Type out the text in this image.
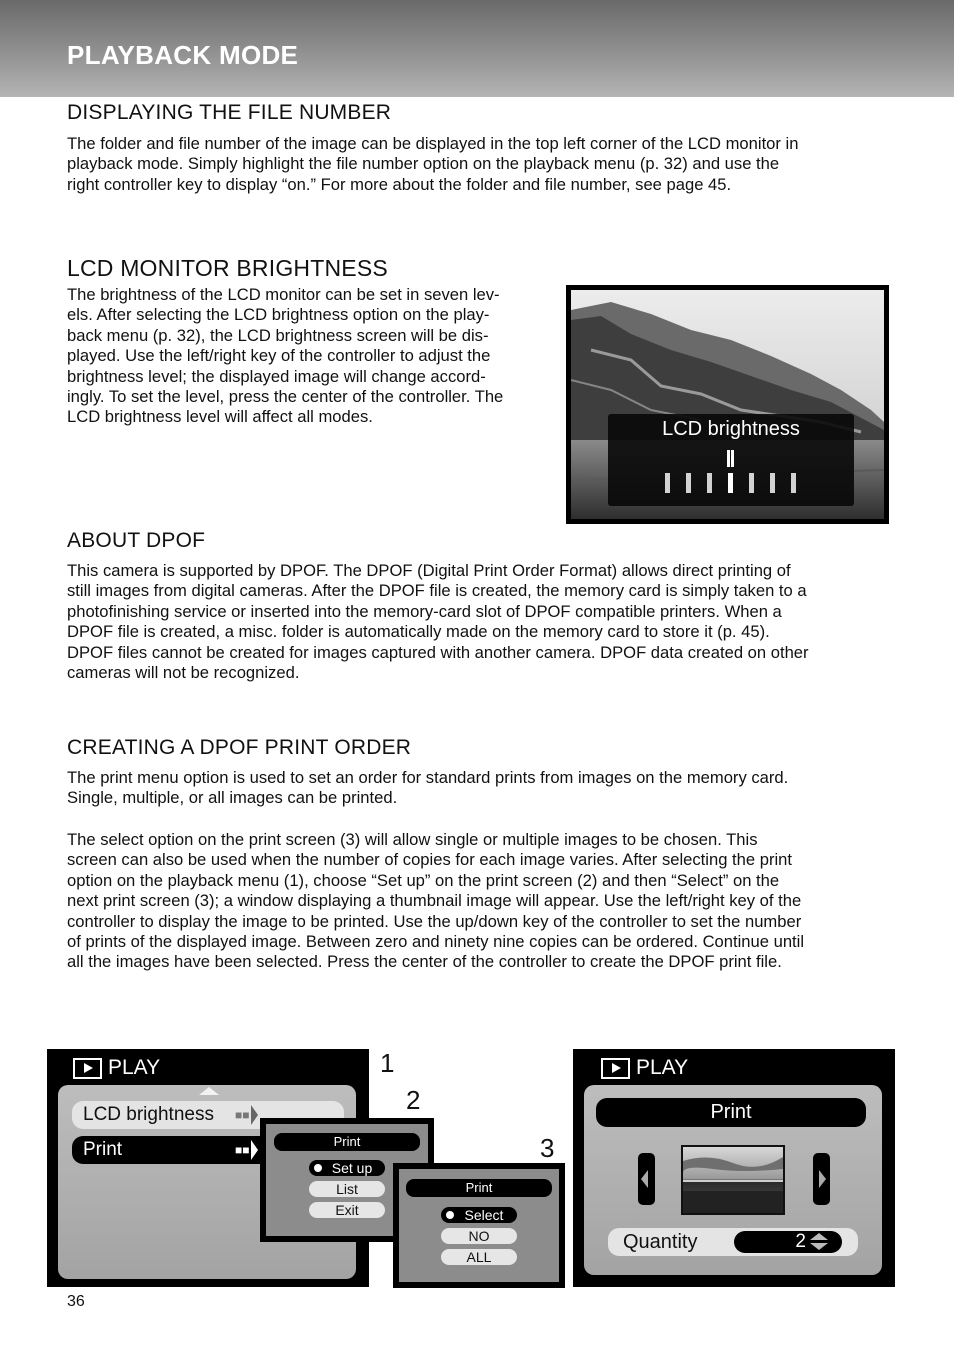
PLAYBACK MODE
DISPLAYING THE FILE NUMBER

The folder and file number of the image can be displayed in the top left corner of the LCD monitor in

playback mode. Simply highlight the file number option on the playback menu (p. 32) and use the

right controller key to display “on.” For more about the folder and file number, see page 45.

LCD MONITOR BRIGHTNESS

The brightness of the LCD monitor can be set in seven lev-

els. After selecting the LCD brightness option on the play-

back menu (p. 32), the LCD brightness screen will be dis-

played. Use the left/right key of the controller to adjust the

brightness level; the displayed image will change accord-

ingly. To set the level, press the center of the controller. The

LCD brightness level will affect all modes.

LCD brightness
ABOUT DPOF

This camera is supported by DPOF. The DPOF (Digital Print Order Format) allows direct printing of

still images from digital cameras. After the DPOF file is created, the memory card is simply taken to a

photofinishing service or inserted into the memory-card slot of DPOF compatible printers. When a

DPOF file is created, a misc. folder is automatically made on the memory card to store it (p. 45).

DPOF files cannot be created for images captured with another camera. DPOF data created on other

cameras will not be recognized.

CREATING A DPOF PRINT ORDER

The print menu option is used to set an order for standard prints from images on the memory card.

Single, multiple, or all images can be printed.

The select option on the print screen (3) will allow single or multiple images to be chosen. This

screen can also be used when the number of copies for each image varies. After selecting the print

option on the playback menu (1), choose “Set up” on the print screen (2) and then “Select” on the

next print screen (3); a window displaying a thumbnail image will appear. Use the left/right key of the

controller to display the image to be printed. Use the up/down key of the controller to set the number

of prints of the displayed image. Between zero and ninety nine copies can be ordered. Continue until

all the images have been selected. Press the center of the controller to create the DPOF print file.

PLAY
LCD brightness ■■
Print	■■
1
2
3
Print
Set up
List
Exit
Print
Select
NO
ALL
PLAY
Print
Quantity	2
36
